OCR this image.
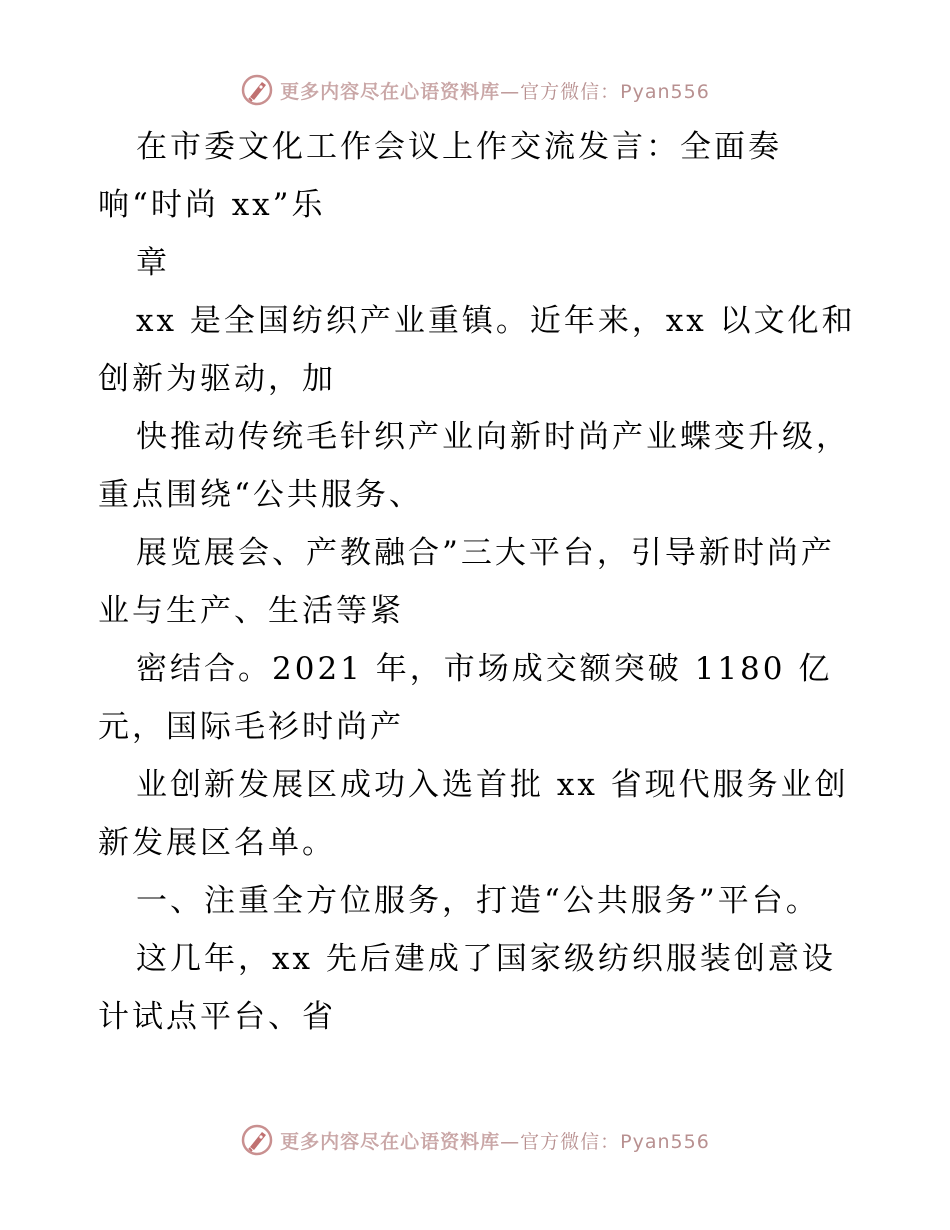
更多内容尽在心语资料库—官方微信：Pyan556
在市委文化工作会议上作交流发言：全面奏
响“时尚 xx”乐
章
xx 是全国纺织产业重镇。近年来，xx 以文化和
创新为驱动，加
快推动传统毛针织产业向新时尚产业蝶变升级，
重点围绕“公共服务、
展览展会、产教融合”三大平台，引导新时尚产
业与生产、生活等紧
密结合。2021 年，市场成交额突破 1180 亿
元，国际毛衫时尚产
业创新发展区成功入选首批 xx 省现代服务业创
新发展区名单。
一、注重全方位服务，打造“公共服务”平台。
这几年，xx 先后建成了国家级纺织服装创意设
计试点平台、省
更多内容尽在心语资料库—官方微信：Pyan556
